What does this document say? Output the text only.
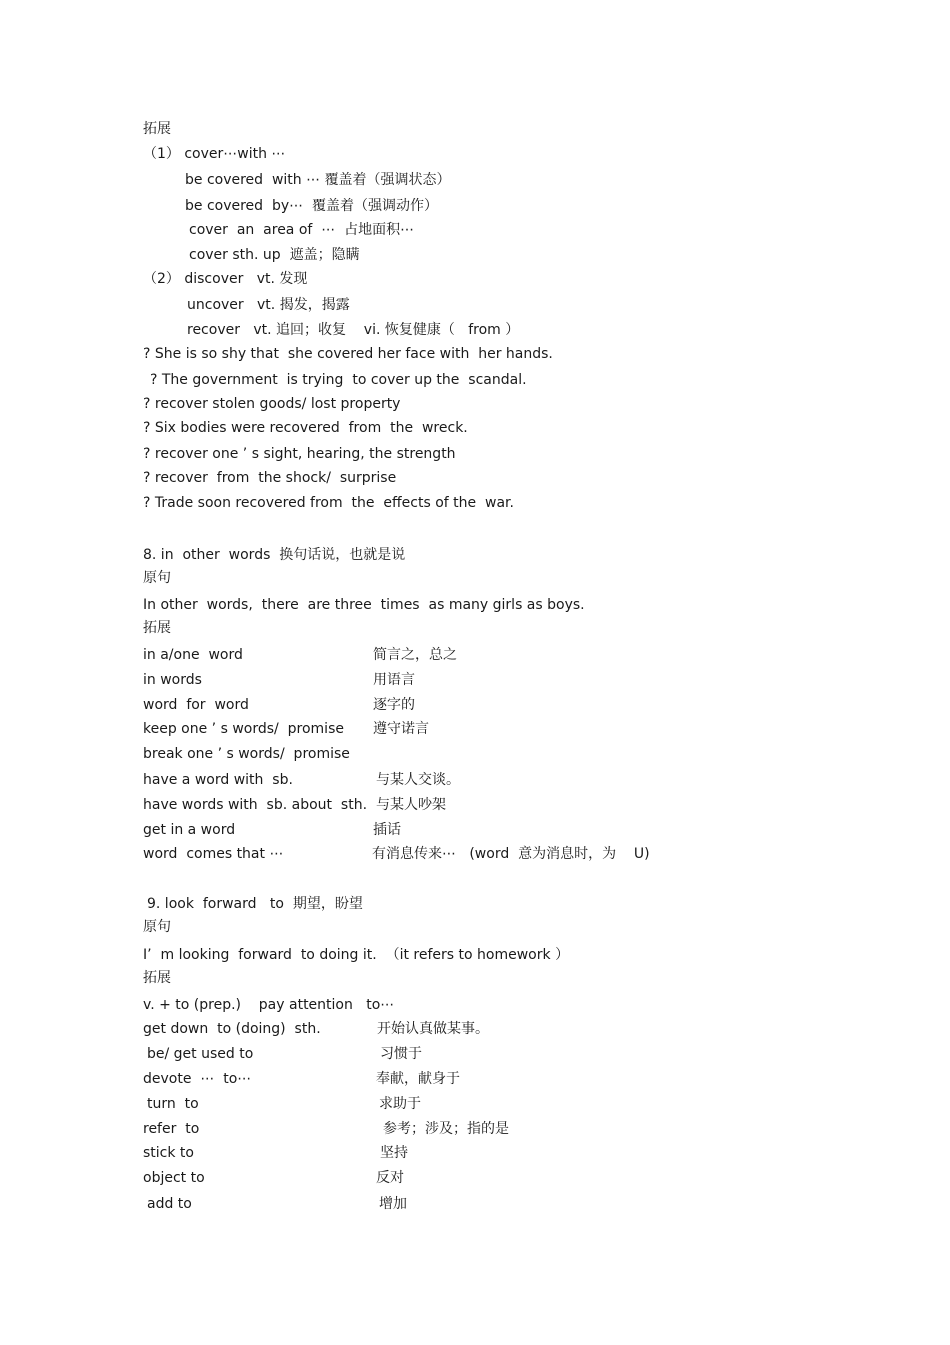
拓展
（1） cover⋯with ⋯
be covered  with ⋯ 覆盖着（强调状态）
be covered  by⋯  覆盖着（强调动作）
cover  an  area of  ⋯  占地面积⋯
cover sth. up  遮盖；隐瞒
（2） discover   vt. 发现
uncover   vt. 揭发，揭露
recover   vt. 追回；收复    vi. 恢复健康（   from ）
? She is so shy that  she covered her face with  her hands.
? The government  is trying  to cover up the  scandal.
? recover stolen goods/ lost property
? Six bodies were recovered  from  the  wreck.
? recover one ’ s sight, hearing, the strength
? recover  from  the shock/  surprise
? Trade soon recovered from  the  effects of the  war.
8. in  other  words  换句话说，也就是说
原句
In other  words,  there  are three  times  as many girls as boys.
拓展
in a/one  word	简言之，总之
in words	用语言
word  for  word	逐字的
keep one ’ s words/  promise 遵守诺言
break one ’ s words/  promise
have a word with  sb.	与某人交谈。
have words with  sb. about  sth. 与某人吵架
get in a word	插话
word  comes that ⋯	有消息传来⋯   (word  意为消息时，为    U)
9. look  forward   to  期望，盼望
原句
I’  m looking  forward  to doing it.  （it refers to homework ）
拓展
v. + to (prep.)    pay attention   to⋯
get down  to (doing)  sth.	开始认真做某事。
be/ get used to	习惯于
devote  ⋯  to⋯	奉献，献身于
turn  to	求助于
refer  to	参考；涉及；指的是
stick to	坚持
object to	反对
add to	增加
